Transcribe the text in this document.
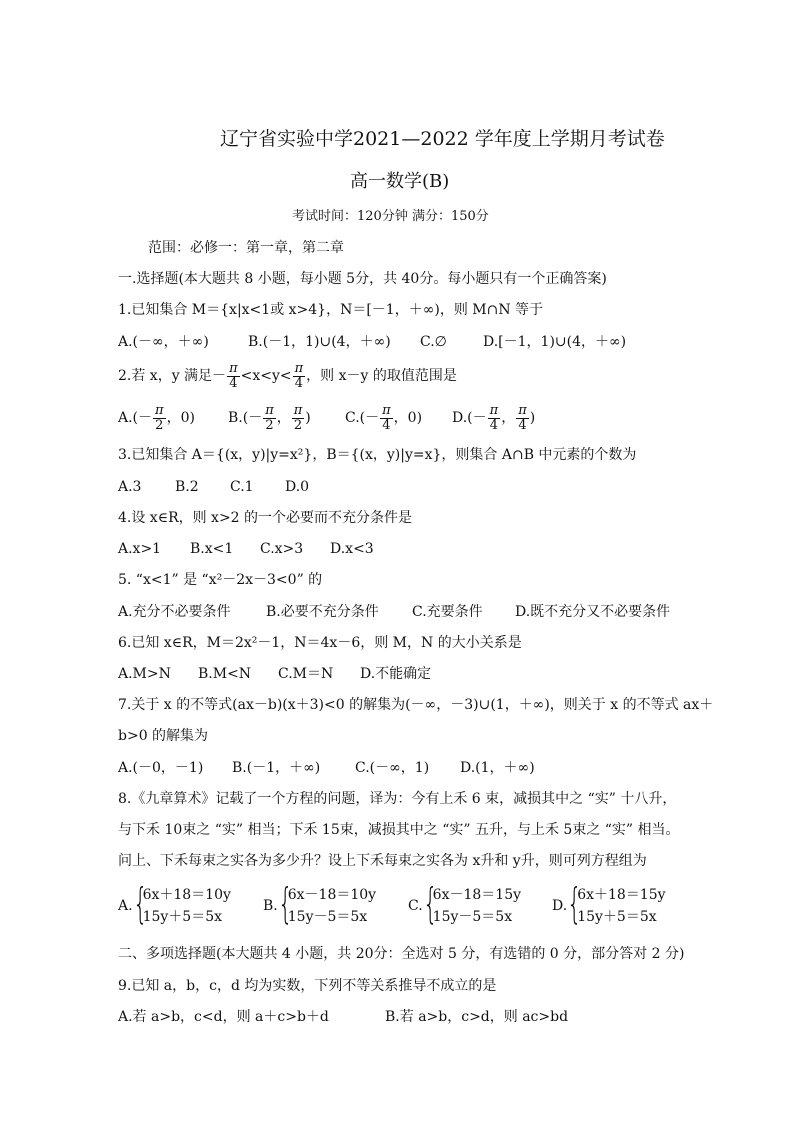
辽宁省实验中学2021—2022 学年度上学期月考试卷
高一数学(B)
考试时间：120分钟 满分：150分
范围：必修一：第一章，第二章
一.选择题(本大题共 8 小题，每小题 5分，共 40分。每小题只有一个正确答案)
1.已知集合 M＝{x|x<1或 x>4}，N＝[－1，＋∞)，则 M∩N 等于
A.(－∞，＋∞)	B.(－1，1)∪(4，＋∞) C.∅	D.[－1，1)∪(4，＋∞)
2.若 x，y 满足－ $\frac{\pi}{4} <x<y< \frac{\pi}{4}$ ，则 x－y 的取值范围是
$A.(- \frac{\pi}{2}$ ，0) $B.(- \frac{\pi}{2}$ ， $\frac{\pi}{2}$ ) $C.(- \frac{\pi}{4}$ ，0) $D.(- \frac{\pi}{4}$ ， $\frac{\pi}{4}$ )
3.已知集合 A＝{(x，y)|y=x²}，B＝{(x，y)|y=x}，则集合 A∩B 中元素的个数为
A.3 B.2 C.1 D.0
4.设 x∈R，则 x>2 的一个必要而不充分条件是
A.x>1 B.x<1 C.x>3 D.x<3
5. “x<1” 是 “x²－2x－3<0” 的
A.充分不必要条件	B.必要不充分条件 C.充要条件 D.既不充分又不必要条件
6.已知 x∈R，M＝2x²－1，N＝4x－6，则 M，N 的大小关系是
A.M>N B.M<N C.M＝N D.不能确定
7.关于 x 的不等式(ax－b)(x＋3)<0 的解集为(－∞，－3)∪(1，＋∞)，则关于 x 的不等式 ax＋
b>0 的解集为
A.(－0，－1) B.(－1，＋∞) C.(－∞，1) D.(1，＋∞)
8.《九章算术》记载了一个方程的问题，译为：今有上禾 6 束，减损其中之 “实” 十八升，
与下禾 10束之 “实” 相当；下禾 15束，减损其中之 “实” 五升，与上禾 5束之 “实” 相当。
问上、下禾每束之实各为多少升？设上下禾每束之实各为 x升和 y升，则可列方程组为
A. {
6x＋18＝10y
15y＋5＝5x
B. {
6x－18＝10y
15y－5＝5x
C. {
6x－18＝15y
15y－5＝5x
D. {
6x＋18＝15y
15y＋5＝5x
二、多项选择题(本大题共 4 小题，共 20分：全选对 5 分，有选错的 0 分，部分答对 2 分)
9.已知 a，b，c，d 均为实数，下列不等关系推导不成立的是
A.若 a>b，c<d，则 a＋c>b＋d	B.若 a>b，c>d，则 ac>bd
